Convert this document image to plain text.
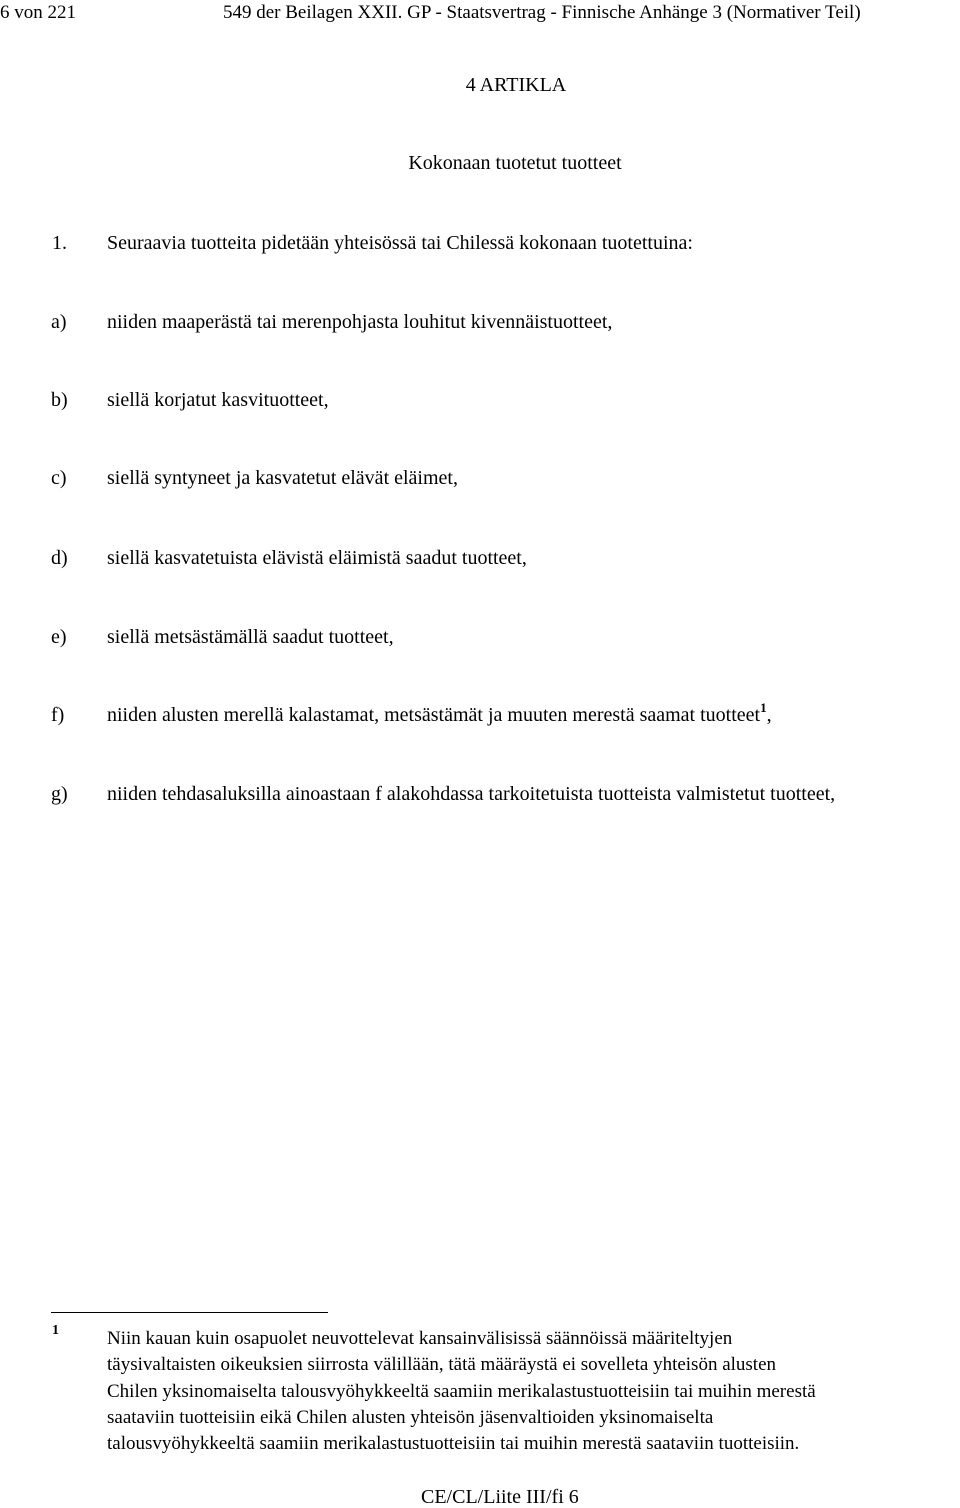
6 von 221	549 der Beilagen XXII. GP - Staatsvertrag - Finnische Anhänge 3 (Normativer Teil)
4 ARTIKLA
Kokonaan tuotetut tuotteet
1. Seuraavia tuotteita pidetään yhteisössä tai Chilessä kokonaan tuotettuina:
a) niiden maaperästä tai merenpohjasta louhitut kivennäistuotteet,
b) siellä korjatut kasvituotteet,
c) siellä syntyneet ja kasvatetut elävät eläimet,
d) siellä kasvatetuista elävistä eläimistä saadut tuotteet,
e) siellä metsästämällä saadut tuotteet,
f) niiden alusten merellä kalastamat, metsästämät ja muuten merestä saamat tuotteet$^1$,
g) niiden tehdasaluksilla ainoastaan f alakohdassa tarkoitetuista tuotteista valmistetut tuotteet,
1	Niin kauan kuin osapuolet neuvottelevat kansainvälisissä säännöissä määriteltyjen
täysivaltaisten oikeuksien siirrosta välillään, tätä määräystä ei sovelleta yhteisön alusten
Chilen yksinomaiselta talousvyöhykkeeltä saamiin merikalastustuotteisiin tai muihin merestä
saataviin tuotteisiin eikä Chilen alusten yhteisön jäsenvaltioiden yksinomaiselta
talousvyöhykkeeltä saamiin merikalastustuotteisiin tai muihin merestä saataviin tuotteisiin.
CE/CL/Liite III/fi 6
